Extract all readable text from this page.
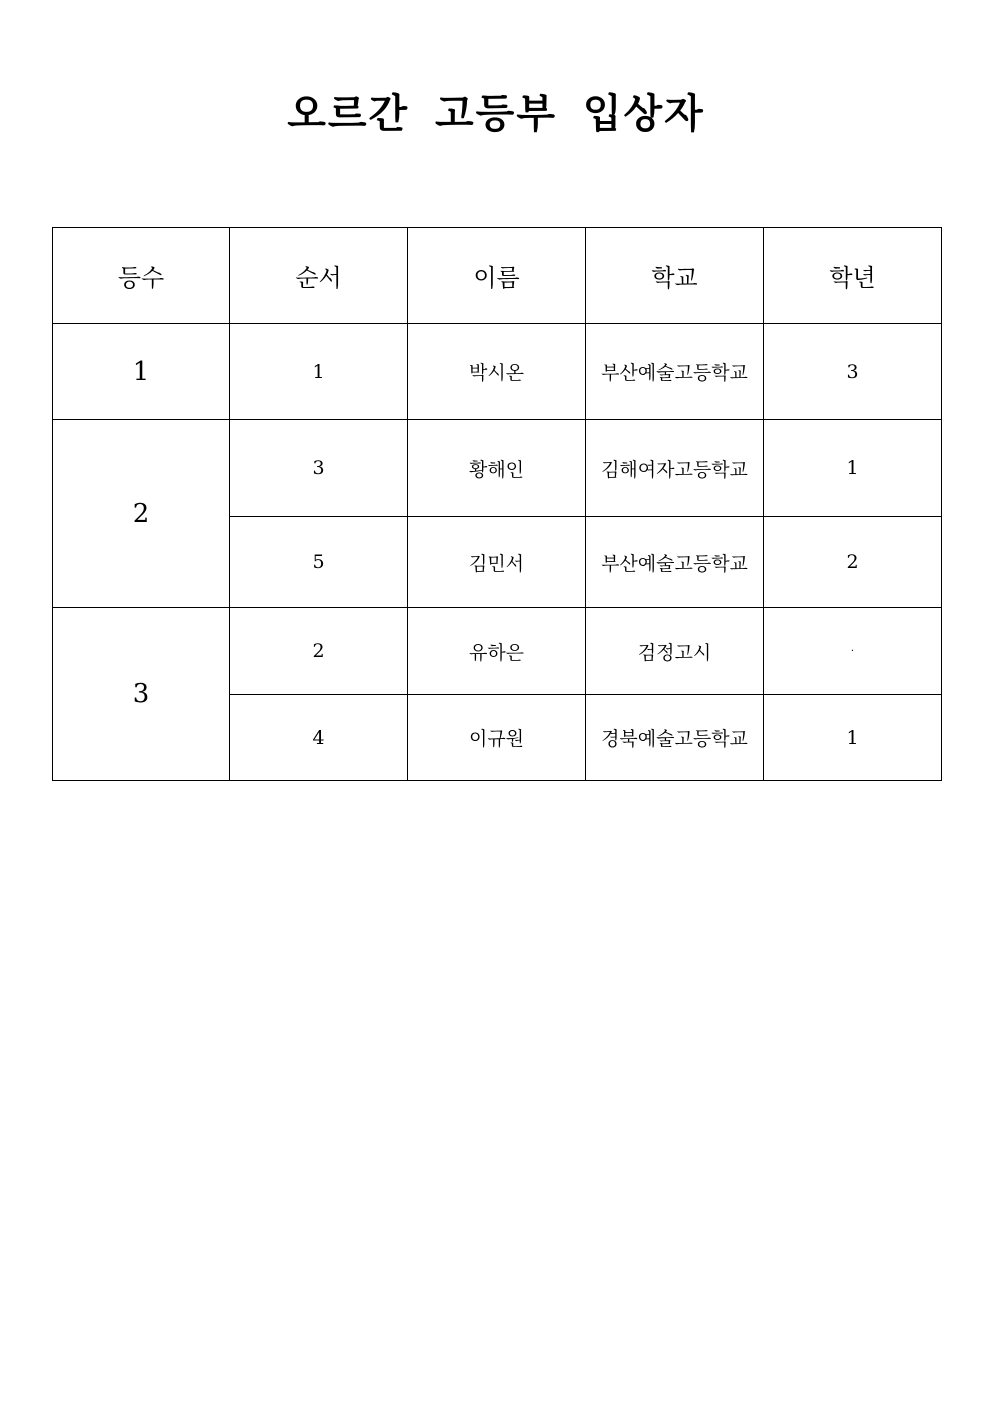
오르간 고등부 입상자
등수	순서	이름	학교	학년
1	1	박시온	부산예술고등학교	3
2	3	황해인	김해여자고등학교	1
	5	김민서	부산예술고등학교	2
3	2	유하은	검정고시	·
	4	이규원	경북예술고등학교	1
